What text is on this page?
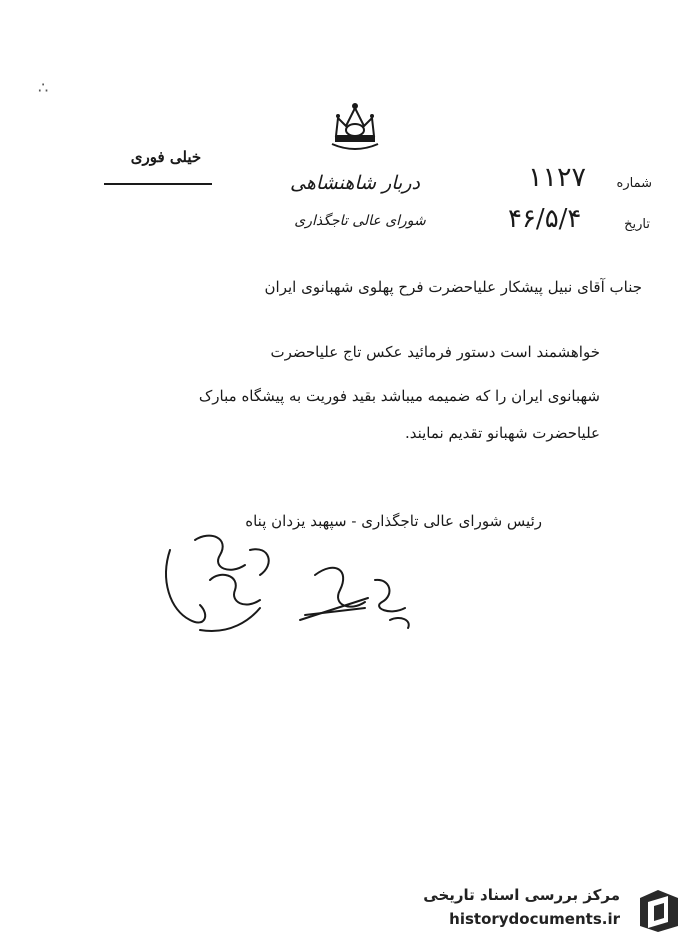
∴
دربار شاهنشاهی
شورای عالی تاجگذاری
خیلی فوری
شماره
۱۱۲۷
تاریخ
۴۶/۵/۴
جناب آقای نبیل پیشکار علیاحضرت فرح پهلوی شهبانوی ایران
خواهشمند است دستور فرمائید عکس تاج علیاحضرت
شهبانوی ایران را که ضمیمه میباشد بقید فوریت به پیشگاه مبارک
علیاحضرت شهبانو تقدیم نمایند.
رئیس شورای عالی تاجگذاری - سپهبد یزدان پناه
مرکز بررسی اسناد تاریخی
historydocuments.ir
